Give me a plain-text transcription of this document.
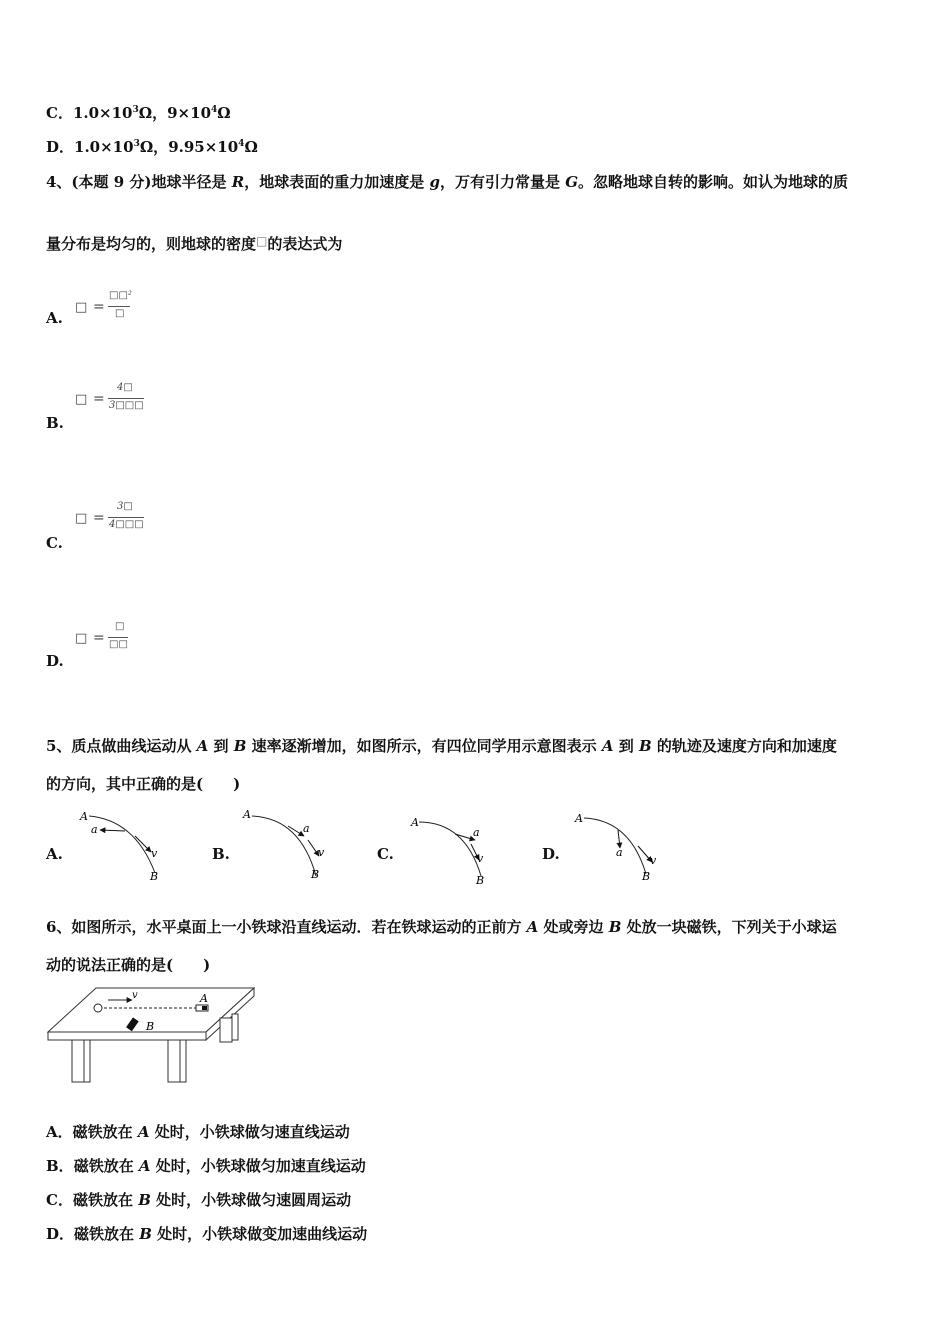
C．$1.0\times 10^3\Omega$，$9\times 10^4\Omega$
D．$1.0\times 10^3\Omega$，$9.95\times 10^4\Omega$
4、(本题 9 分)地球半径是 R，地球表面的重力加速度是 g，万有引力常量是 G。忽略地球自转的影响。如认为地球的质
量分布是均匀的，则地球的密度□的表达式为
A.
□ =
□□²
□
B.
□ =
4□
3□□□
C.
□ =
3□
4□□□
D.
□ =
□
□□
5、质点做曲线运动从 A 到 B 速率逐渐增加，如图所示，有四位同学用示意图表示 A 到 B 的轨迹及速度方向和加速度
的方向，其中正确的是(　　)
A.
A
a
v
B
B.
A
a
v
B
C.
A
a
v
B
D.
A
a
v
B
6、如图所示，水平桌面上一小铁球沿直线运动．若在铁球运动的正前方 A 处或旁边 B 处放一块磁铁，下列关于小球运
动的说法正确的是(　　)
v	A
B
A．磁铁放在 A 处时，小铁球做匀速直线运动
B．磁铁放在 A 处时，小铁球做匀加速直线运动
C．磁铁放在 B 处时，小铁球做匀速圆周运动
D．磁铁放在 B 处时，小铁球做变加速曲线运动
